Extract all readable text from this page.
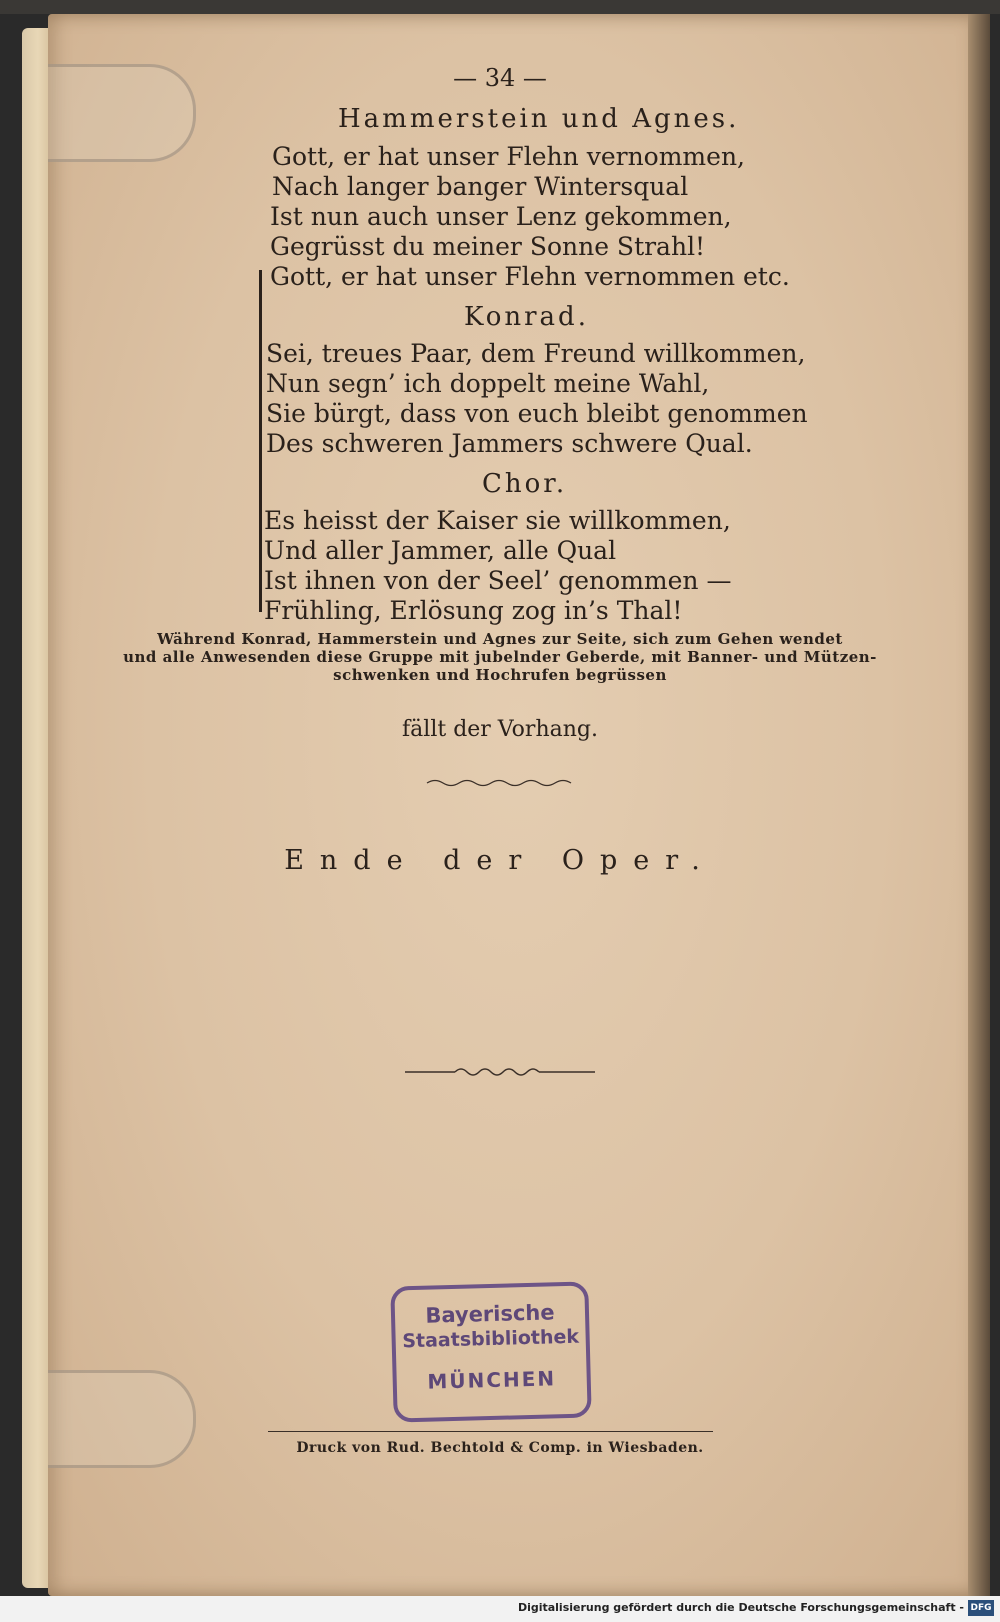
— 34 —
Hammerstein und Agnes.
Gott, er hat unser Flehn vernommen,
Nach langer banger Wintersqual
Ist nun auch unser Lenz gekommen,
Gegrüsst du meiner Sonne Strahl!
Gott, er hat unser Flehn vernommen etc.
Konrad.
Sei, treues Paar, dem Freund willkommen,
Nun segn’ ich doppelt meine Wahl,
Sie bürgt, dass von euch bleibt genommen
Des schweren Jammers schwere Qual.
Chor.
Es heisst der Kaiser sie willkommen,
Und aller Jammer, alle Qual
Ist ihnen von der Seel’ genommen —
Frühling, Erlösung zog in’s Thal!
Während Konrad, Hammerstein und Agnes zur Seite, sich zum Gehen wendet
und alle Anwesenden diese Gruppe mit jubelnder Geberde, mit Banner- und Mützen-
schwenken und Hochrufen begrüssen
fällt der Vorhang.
Ende der Oper.
Bayerische
Staatsbibliothek
MÜNCHEN
Druck von Rud. Bechtold & Comp. in Wiesbaden.
Digitalisierung gefördert durch die Deutsche Forschungsgemeinschaft - DFG
